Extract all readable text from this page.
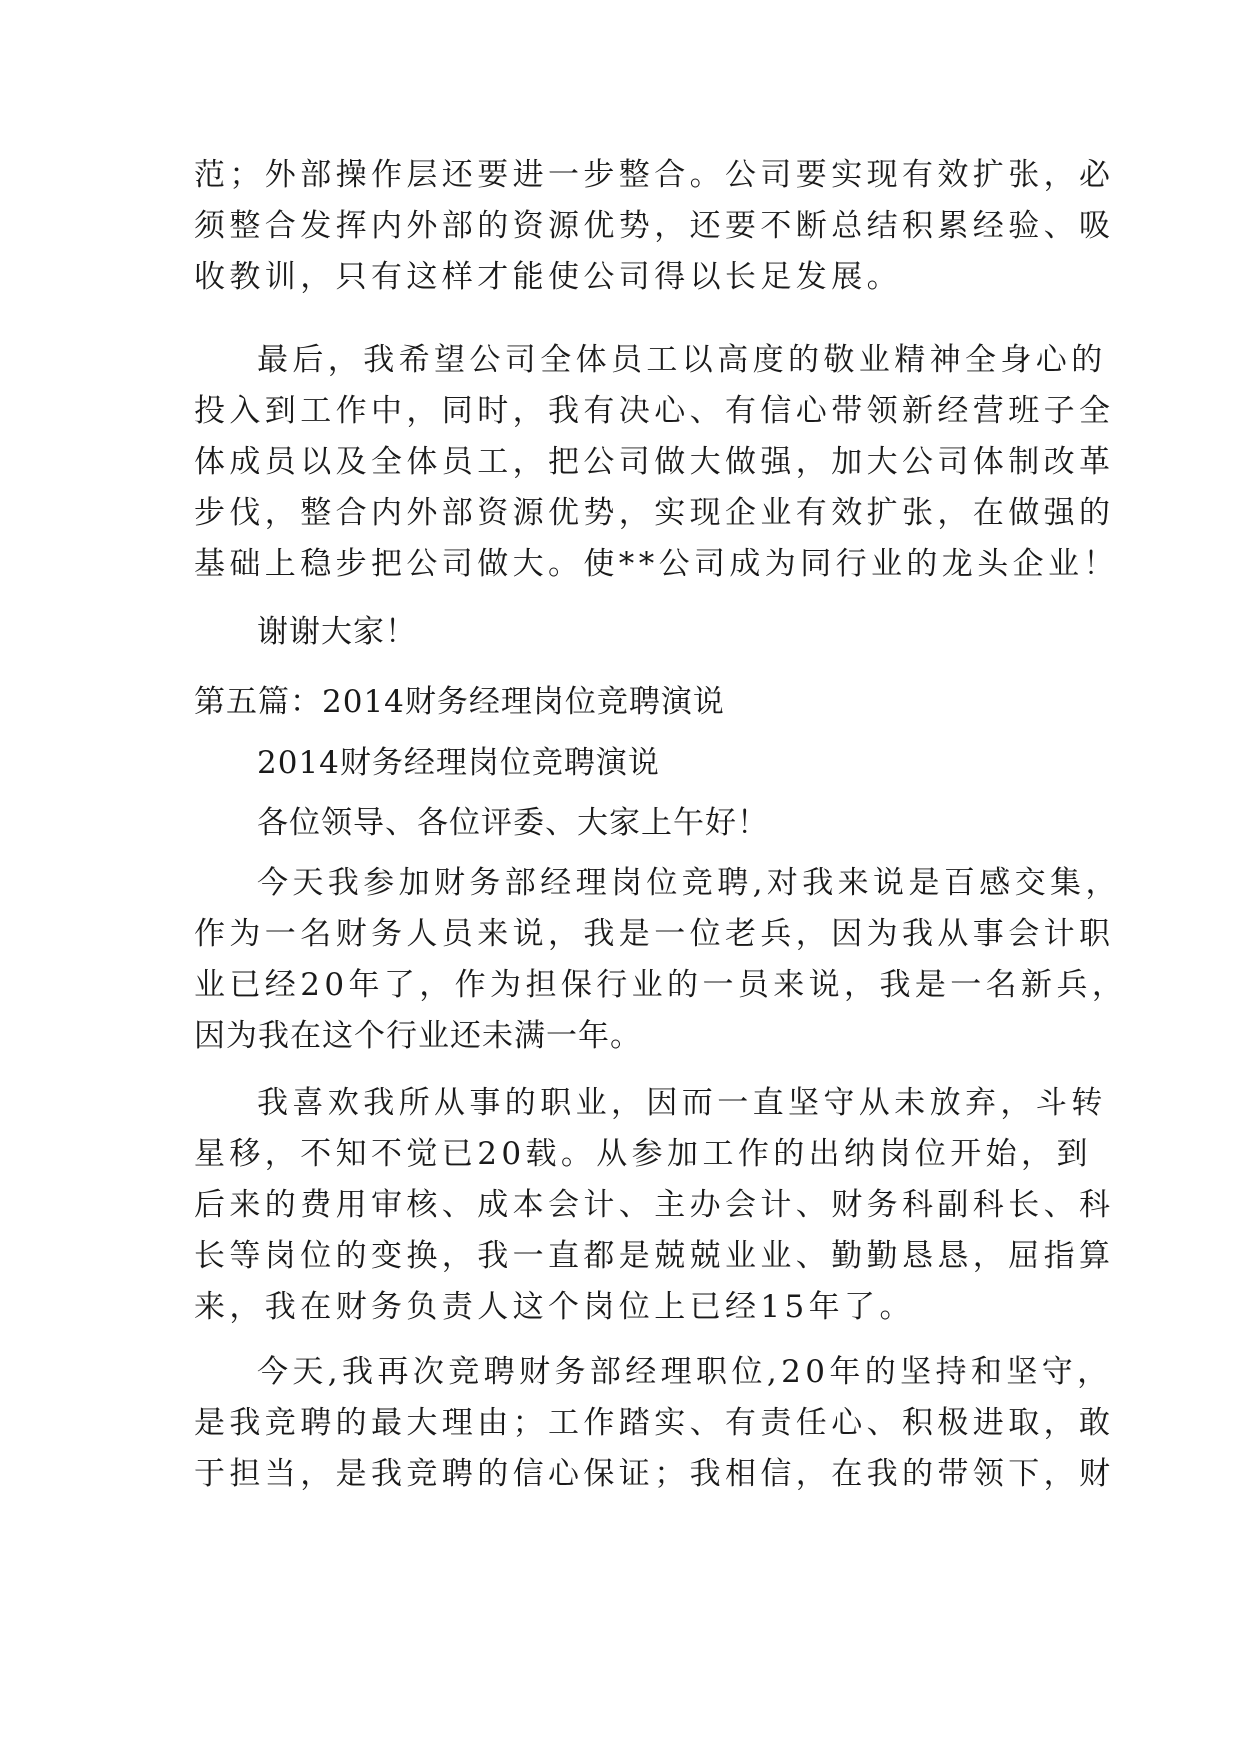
范；外部操作层还要进一步整合。公司要实现有效扩张，必

须整合发挥内外部的资源优势，还要不断总结积累经验、吸

收教训，只有这样才能使公司得以长足发展。

最后，我希望公司全体员工以高度的敬业精神全身心的

投入到工作中，同时，我有决心、有信心带领新经营班子全

体成员以及全体员工，把公司做大做强，加大公司体制改革

步伐，整合内外部资源优势，实现企业有效扩张，在做强的

基础上稳步把公司做大。使**公司成为同行业的龙头企业！

谢谢大家！

第五篇：2014财务经理岗位竞聘演说

2014财务经理岗位竞聘演说

各位领导、各位评委、大家上午好！

今天我参加财务部经理岗位竞聘,对我来说是百感交集，

作为一名财务人员来说，我是一位老兵，因为我从事会计职

业已经20年了，作为担保行业的一员来说，我是一名新兵，

因为我在这个行业还未满一年。

我喜欢我所从事的职业，因而一直坚守从未放弃，斗转

星移，不知不觉已20载。从参加工作的出纳岗位开始，到

后来的费用审核、成本会计、主办会计、财务科副科长、科

长等岗位的变换，我一直都是兢兢业业、勤勤恳恳，屈指算

来，我在财务负责人这个岗位上已经15年了。

今天,我再次竞聘财务部经理职位,20年的坚持和坚守，

是我竞聘的最大理由；工作踏实、有责任心、积极进取，敢

于担当，是我竞聘的信心保证；我相信，在我的带领下，财
